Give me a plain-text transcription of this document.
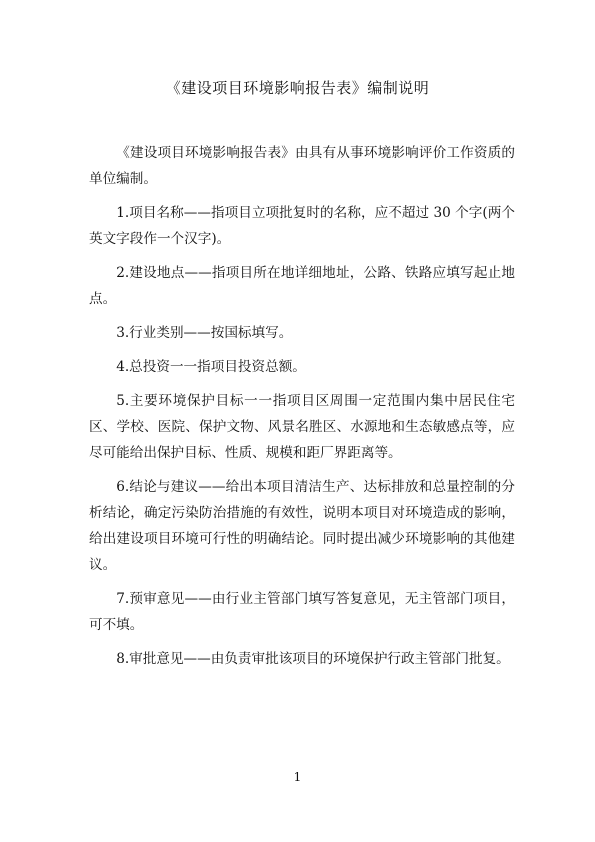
《建设项目环境影响报告表》编制说明

《建设项目环境影响报告表》由具有从事环境影响评价工作资质的单位编制。

1.项目名称——指项目立项批复时的名称，应不超过 30 个字(两个英文字段作一个汉字)。

2.建设地点——指项目所在地详细地址，公路、铁路应填写起止地点。

3.行业类别——按国标填写。

4.总投资一一指项目投资总额。

5.主要环境保护目标一一指项目区周围一定范围内集中居民住宅区、学校、医院、保护文物、风景名胜区、水源地和生态敏感点等，应尽可能给出保护目标、性质、规模和距厂界距离等。

6.结论与建议——给出本项目清洁生产、达标排放和总量控制的分析结论，确定污染防治措施的有效性，说明本项目对环境造成的影响，给出建设项目环境可行性的明确结论。同时提出减少环境影响的其他建议。

7.预审意见——由行业主管部门填写答复意见，无主管部门项目，可不填。

8.审批意见——由负责审批该项目的环境保护行政主管部门批复。

1
